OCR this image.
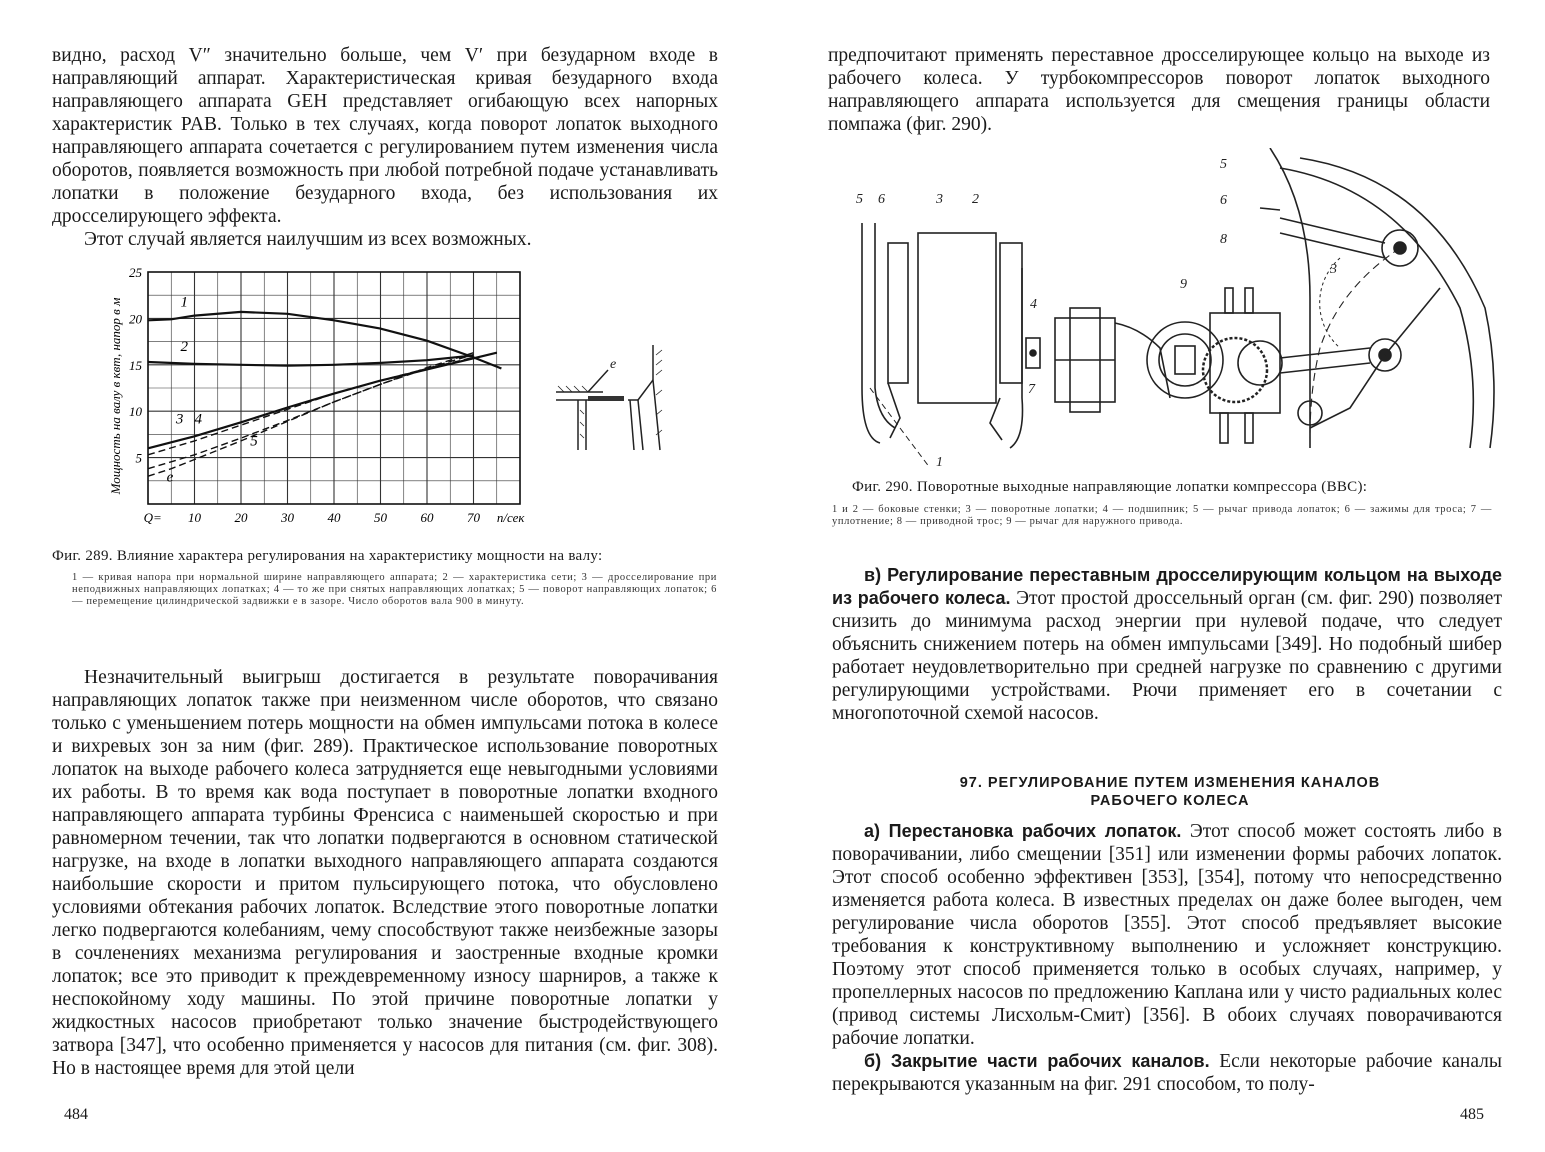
видно, расход V″ значительно больше, чем V′ при безударном входе в направляющий аппарат. Характеристическая кривая безударного входа направляющего аппарата GEH представляет огибающую всех напорных характеристик PAB. Только в тех случаях, когда поворот лопаток выходного направляющего аппарата сочетается с регулированием путем изменения числа оборотов, появляется возможность при любой потребной подаче устанавливать лопатки в положение безударного входа, без использования их дросселирующего эффекта.

Этот случай является наилучшим из всех возможных.

5
10
15
20
25
Q= 10	20	30	40	50	60	70 n/сек
Мощность на валу в квт, напор в м	1
2
3 4
5
e
e
Фиг. 289. Влияние характера регулирования на характеристику мощности на валу:
1 — кривая напора при нормальной ширине направляющего аппарата; 2 — характеристика сети; 3 — дросселирование при неподвижных направляющих лопатках; 4 — то же при снятых направляющих лопатках; 5 — поворот направляющих лопаток; 6 — перемещение цилиндрической задвижки e в зазоре. Число оборотов вала 900 в минуту.

Незначительный выигрыш достигается в результате поворачивания направляющих лопаток также при неизменном числе оборотов, что связано только с уменьшением потерь мощности на обмен импульсами потока в колесе и вихревых зон за ним (фиг. 289). Практическое использование поворотных лопаток на выходе рабочего колеса затрудняется еще невыгодными условиями их работы. В то время как вода поступает в поворотные лопатки входного направляющего аппарата турбины Френсиса с наименьшей скоростью и при равномерном течении, так что лопатки подвергаются в основном статической нагрузке, на входе в лопатки выходного направляющего аппарата создаются наибольшие скорости и притом пульсирующего потока, что обусловлено условиями обтекания рабочих лопаток. Вследствие этого поворотные лопатки легко подвергаются колебаниям, чему способствуют также неизбежные зазоры в сочленениях механизма регулирования и заостренные входные кромки лопаток; все это приводит к преждевременному износу шарниров, а также к неспокойному ходу машины. По этой причине поворотные лопатки у жидкостных насосов приобретают только значение быстродействующего затвора [347], что особенно применяется у насосов для питания (см. фиг. 308). Но в настоящее время для этой цели

484

предпочитают применять переставное дросселирующее кольцо на выходе из рабочего колеса. У турбокомпрессоров поворот лопаток выходного направляющего аппарата используется для смещения границы области помпажа (фиг. 290).

5 6	3 2
4
7
1
5
6
8
9
3
Фиг. 290. Поворотные выходные направляющие лопатки компрессора (ВВС):
1 и 2 — боковые стенки; 3 — поворотные лопатки; 4 — подшипник; 5 — рычаг привода лопаток; 6 — зажимы для троса; 7 — уплотнение; 8 — приводной трос; 9 — рычаг для наружного привода.

в) Регулирование переставным дросселирующим кольцом на выходе из рабочего колеса. Этот простой дроссельный орган (см. фиг. 290) позволяет снизить до минимума расход энергии при нулевой подаче, что следует объяснить снижением потерь на обмен импульсами [349]. Но подобный шибер работает неудовлетворительно при средней нагрузке по сравнению с другими регулирующими устройствами. Рючи применяет его в сочетании с многопоточной схемой насосов.

97. РЕГУЛИРОВАНИЕ ПУТЕМ ИЗМЕНЕНИЯ КАНАЛОВ
РАБОЧЕГО КОЛЕСА

а) Перестановка рабочих лопаток. Этот способ может состоять либо в поворачивании, либо смещении [351] или изменении формы рабочих лопаток. Этот способ особенно эффективен [353], [354], потому что непосредственно изменяется работа колеса. В известных пределах он даже более выгоден, чем регулирование числа оборотов [355]. Этот способ предъявляет высокие требования к конструктивному выполнению и усложняет конструкцию. Поэтому этот способ применяется только в особых случаях, например, у пропеллерных насосов по предложению Каплана или у чисто радиальных колес (привод системы Лисхольм-Смит) [356]. В обоих случаях поворачиваются рабочие лопатки.

б) Закрытие части рабочих каналов. Если некоторые рабочие каналы перекрываются указанным на фиг. 291 способом, то полу-

485
